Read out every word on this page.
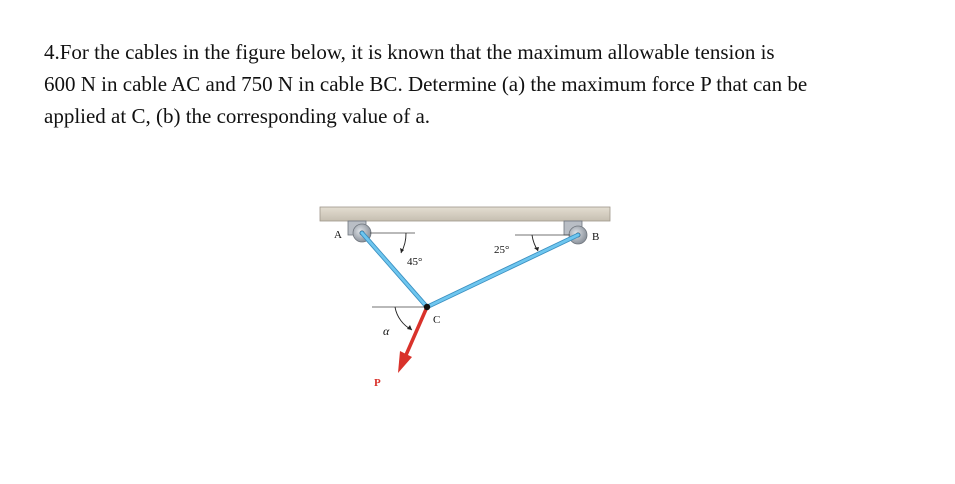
4.For the cables in the figure below, it is known that the maximum allowable tension is

600 N in cable AC and 750 N in cable BC. Determine (a) the maximum force P that can be

applied at C, (b) the corresponding value of a.

A	B
C
P
45°
25°
α
